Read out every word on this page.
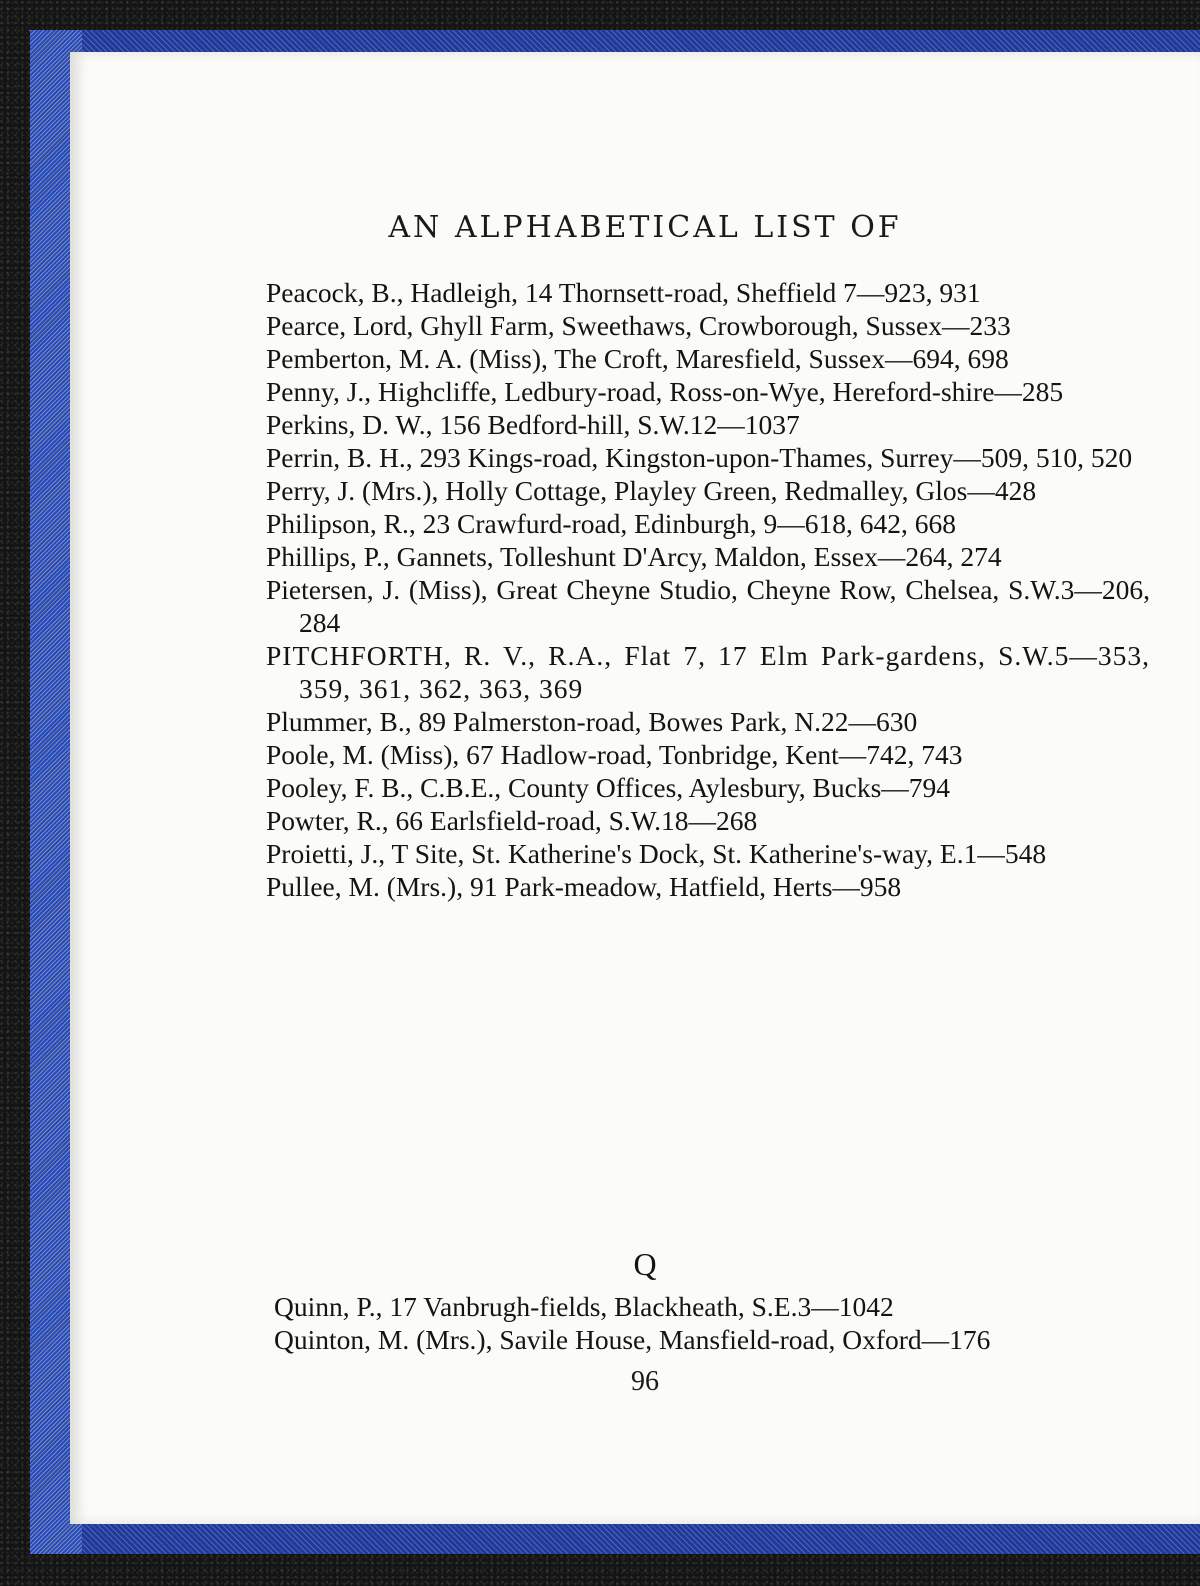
AN ALPHABETICAL LIST OF
Peacock, B., Hadleigh, 14 Thornsett-road, Sheffield 7—923, 931
Pearce, Lord, Ghyll Farm, Sweethaws, Crowborough, Sussex—233
Pemberton, M. A. (Miss), The Croft, Maresfield, Sussex—694, 698
Penny, J., Highcliffe, Ledbury-road, Ross-on-Wye, Hereford-shire—285
Perkins, D. W., 156 Bedford-hill, S.W.12—1037
Perrin, B. H., 293 Kings-road, Kingston-upon-Thames, Surrey—509, 510, 520
Perry, J. (Mrs.), Holly Cottage, Playley Green, Redmalley, Glos—428
Philipson, R., 23 Crawfurd-road, Edinburgh, 9—618, 642, 668
Phillips, P., Gannets, Tolleshunt D'Arcy, Maldon, Essex—264, 274
Pietersen, J. (Miss), Great Cheyne Studio, Cheyne Row, Chelsea, S.W.3—206, 284
PITCHFORTH, R. V., R.A., Flat 7, 17 Elm Park-gardens, S.W.5—353, 359, 361, 362, 363, 369
Plummer, B., 89 Palmerston-road, Bowes Park, N.22—630
Poole, M. (Miss), 67 Hadlow-road, Tonbridge, Kent—742, 743
Pooley, F. B., C.B.E., County Offices, Aylesbury, Bucks—794
Powter, R., 66 Earlsfield-road, S.W.18—268
Proietti, J., T Site, St. Katherine's Dock, St. Katherine's-way, E.1—548
Pullee, M. (Mrs.), 91 Park-meadow, Hatfield, Herts—958
Q
Quinn, P., 17 Vanbrugh-fields, Blackheath, S.E.3—1042
Quinton, M. (Mrs.), Savile House, Mansfield-road, Oxford—176
96
